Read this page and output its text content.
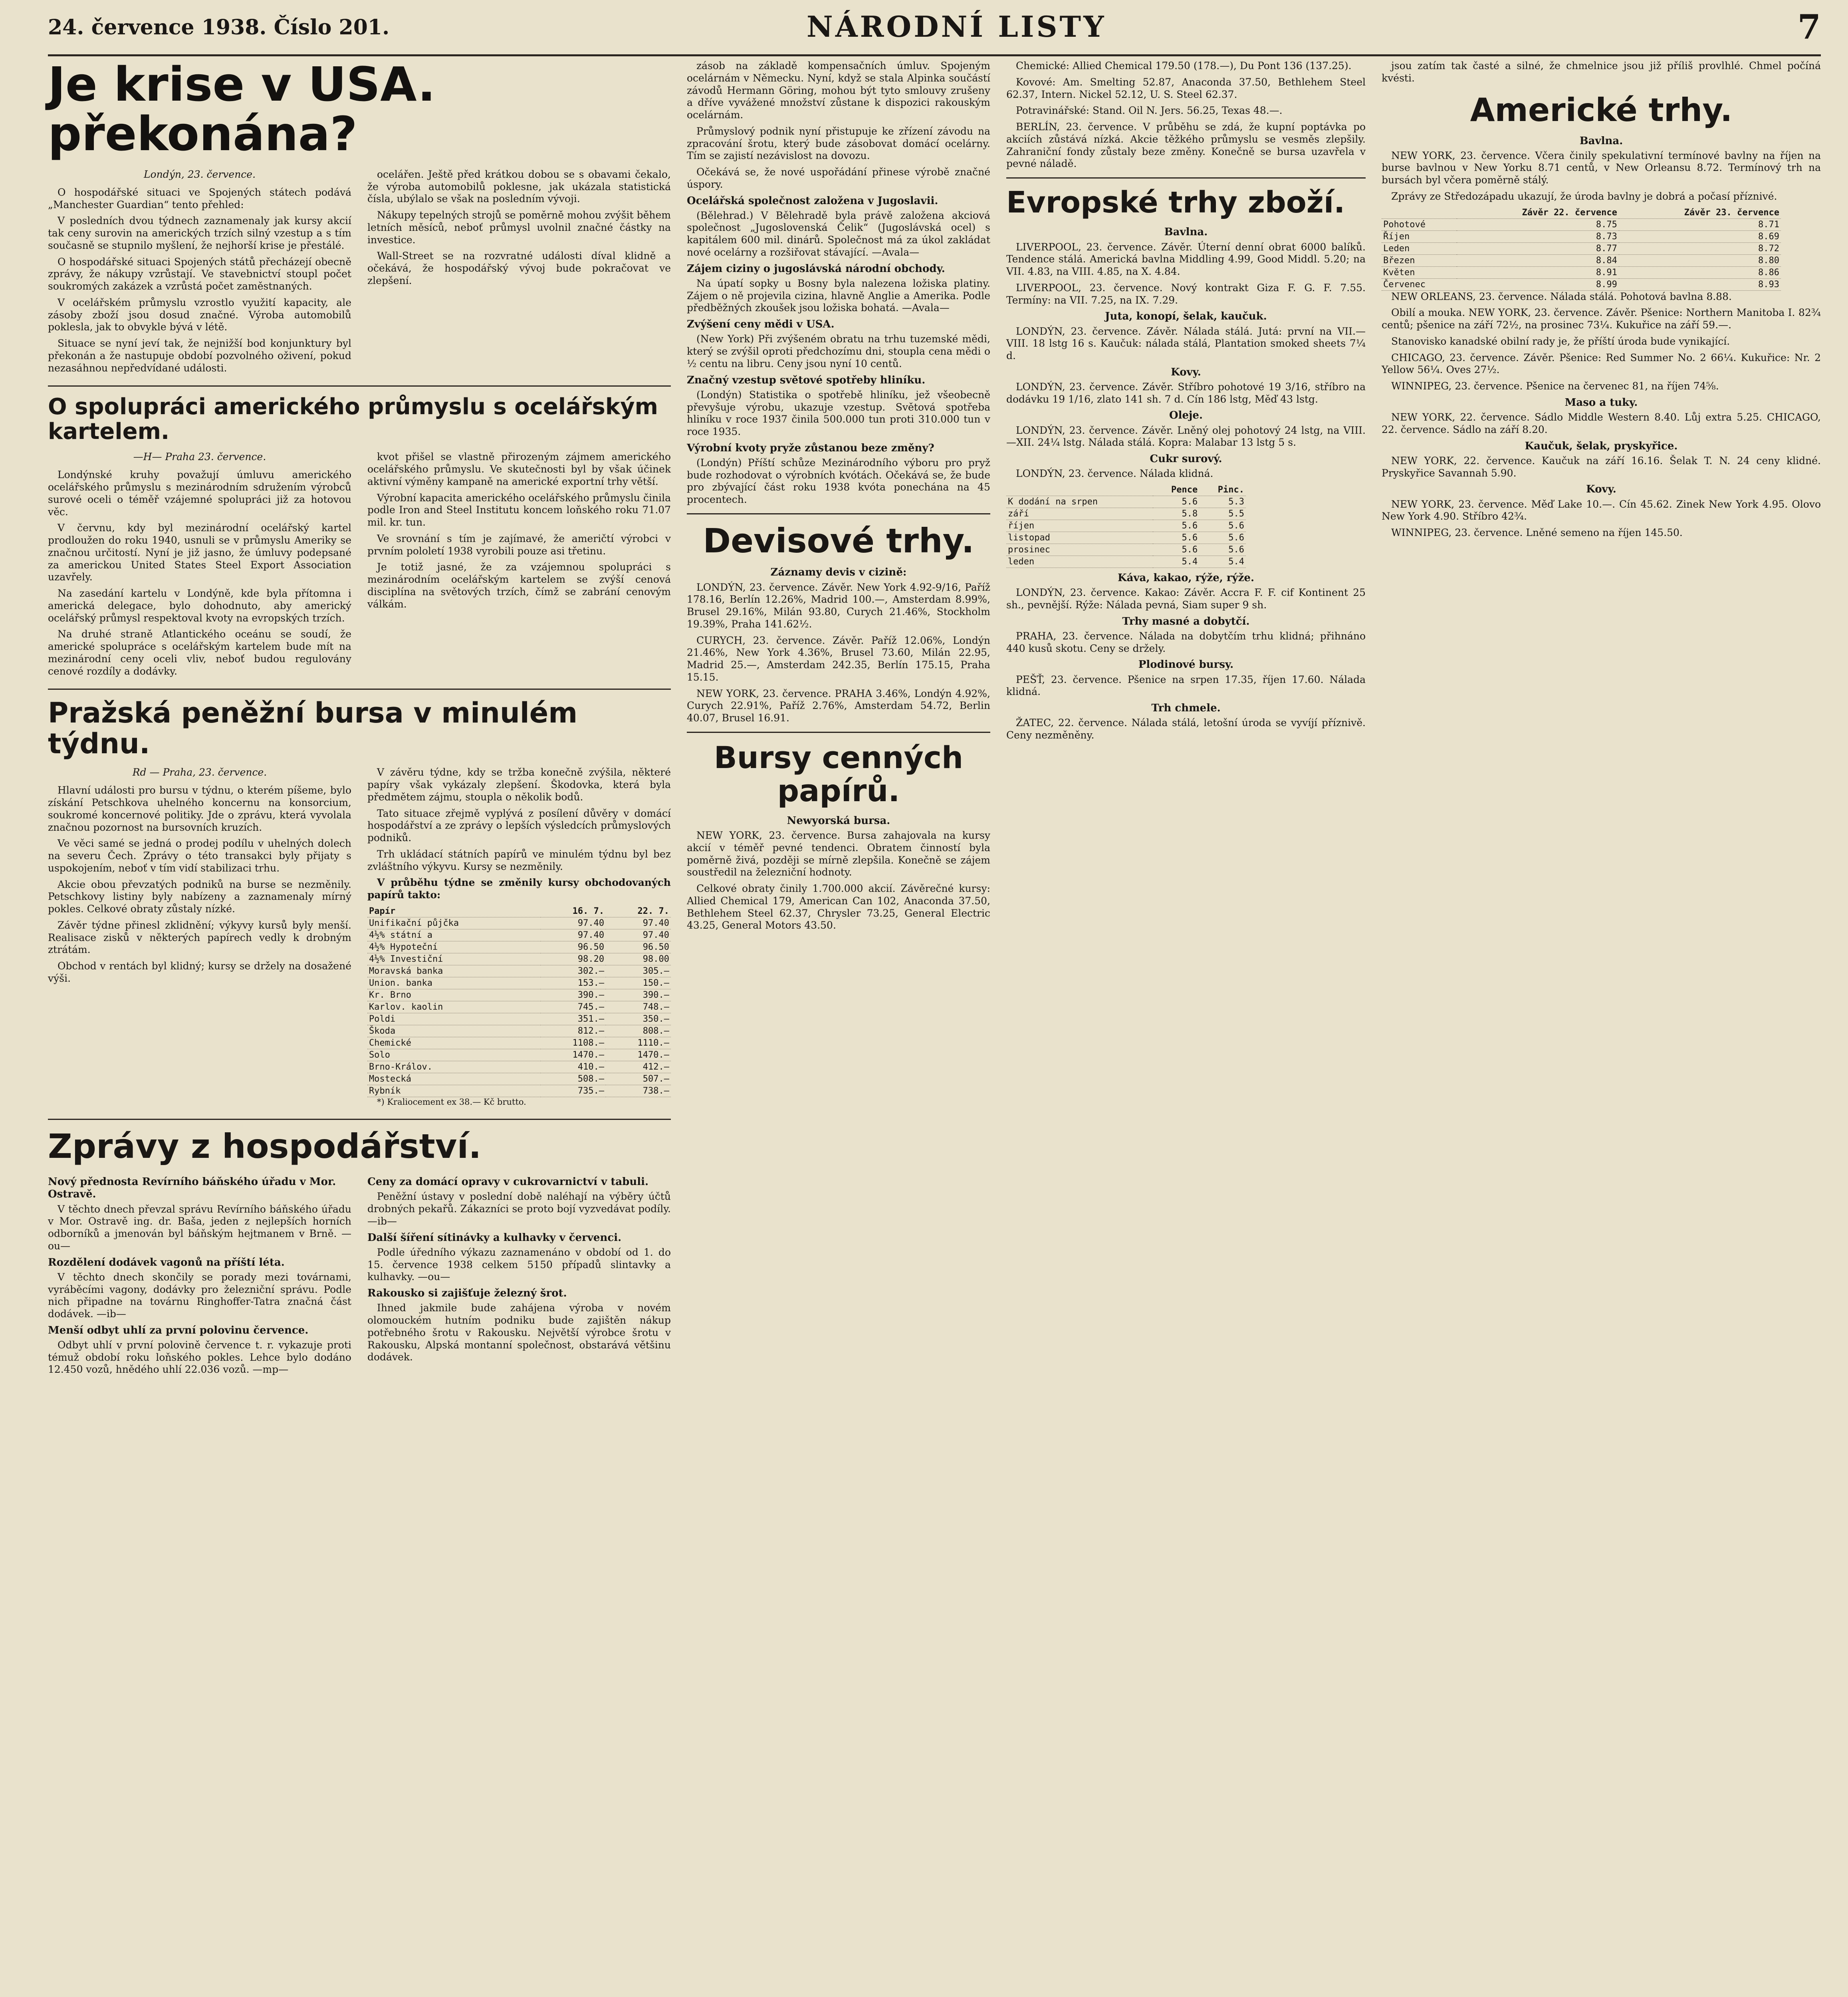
24. července 1938. Číslo 201.	NÁRODNÍ LISTY	7
Je krise v USA. překonána?
Londýn, 23. července.

O hospodářské situaci ve Spojených státech podává „Manchester Guardian“ tento přehled:

V posledních dvou týdnech zaznamenaly jak kursy akcií tak ceny surovin na amerických trzích silný vzestup a s tím současně se stupnilo myšlení, že nejhorší krise je přestálé.

O hospodářské situaci Spojených států přecházejí obecně zprávy, že nákupy vzrůstají. Ve stavebnictví stoupl počet soukromých zakázek a vzrůstá počet zaměstnaných.

V ocelářském průmyslu vzrostlo využití kapacity, ale zásoby zboží jsou dosud značné. Výroba automobilů poklesla, jak to obvykle bývá v létě.

Situace se nyní jeví tak, že nejnižší bod konjunktury byl překonán a že nastupuje období pozvolného oživení, pokud nezasáhnou nepředvídané události.

ocelářen. Ještě před krátkou dobou se s obavami čekalo, že výroba automobilů poklesne, jak ukázala statistická čísla, ubýlalo se však na posledním vývoji.

Nákupy tepelných strojů se poměrně mohou zvýšit během letních měsíců, neboť průmysl uvolnil značné částky na investice.

Wall-Street se na rozvratné události díval klidně a očekává, že hospodářský vývoj bude pokračovat ve zlepšení.

O spolupráci amerického průmyslu s ocelářským kartelem.
—H— Praha 23. července.

Londýnské kruhy považují úmluvu amerického ocelářského průmyslu s mezinárodním sdružením výrobců surové oceli o téměř vzájemné spolupráci již za hotovou věc.

V červnu, kdy byl mezinárodní ocelářský kartel prodloužen do roku 1940, usnuli se v průmyslu Ameriky se značnou určitostí. Nyní je již jasno, že úmluvy podepsané za americkou United States Steel Export Association uzavřely.

Na zasedání kartelu v Londýně, kde byla přítomna i americká delegace, bylo dohodnuto, aby americký ocelářský průmysl respektoval kvoty na evropských trzích.

Na druhé straně Atlantického oceánu se soudí, že americké spolupráce s ocelářským kartelem bude mít na mezinárodní ceny oceli vliv, neboť budou regulovány cenové rozdíly a dodávky.

kvot přišel se vlastně přirozeným zájmem amerického ocelářského průmyslu. Ve skutečnosti byl by však účinek aktivní výměny kampaně na americké exportní trhy větší.

Výrobní kapacita amerického ocelářského průmyslu činila podle Iron and Steel Institutu koncem loňského roku 71.07 mil. kr. tun.

Ve srovnání s tím je zajímavé, že američtí výrobci v prvním pololetí 1938 vyrobili pouze asi třetinu.

Je totiž jasné, že za vzájemnou spolupráci s mezinárodním ocelářským kartelem se zvýší cenová disciplína na světových trzích, čímž se zabrání cenovým válkám.

Pražská peněžní bursa v minulém týdnu.
Rd — Praha, 23. července.

Hlavní události pro bursu v týdnu, o kterém píšeme, bylo získání Petschkova uhelného koncernu na konsorcium, soukromé koncernové politiky. Jde o zprávu, která vyvolala značnou pozornost na bursovních kruzích.

Ve věci samé se jedná o prodej podílu v uhelných dolech na severu Čech. Zprávy o této transakci byly přijaty s uspokojením, neboť v tím vidí stabilizaci trhu.

Akcie obou převzatých podniků na burse se nezměnily. Petschkovy listiny byly nabízeny a zaznamenaly mírný pokles. Celkové obraty zůstaly nízké.

Závěr týdne přinesl zklidnění; výkyvy kursů byly menší. Realisace zisků v některých papírech vedly k drobným ztrátám.

Obchod v rentách byl klidný; kursy se držely na dosažené výši.

V závěru týdne, kdy se tržba konečně zvýšila, některé papíry však vykázaly zlepšení. Škodovka, která byla předmětem zájmu, stoupla o několik bodů.

Tato situace zřejmě vyplývá z posílení důvěry v domácí hospodářství a ze zprávy o lepších výsledcích průmyslových podniků.

Trh ukládací státních papírů ve minulém týdnu byl bez zvláštního výkyvu. Kursy se nezměnily.

V průběhu týdne se změnily kursy obchodovaných papírů takto:

Papír	16. 7.	22. 7.
Unifikační půjčka	97.40	97.40
4½% státní a	97.40	97.40
4½% Hypoteční	96.50	96.50
4½% Investiční	98.20	98.00
Moravská banka	302.—	305.—
Union. banka	153.—	150.—
Kr. Brno	390.—	390.—
Karlov. kaolin	745.—	748.—
Poldi	351.—	350.—
Škoda	812.—	808.—
Chemické	1108.—	1110.—
Solo	1470.—	1470.—
Brno-Králov.	410.—	412.—
Mostecká	508.—	507.—
Rybník	735.—	738.—

*) Kraliocement ex 38.— Kč brutto.

Zprávy z hospodářství.
Nový přednosta Revírního báňského úřadu v Mor. Ostravě.

V těchto dnech převzal správu Revírního báňského úřadu v Mor. Ostravě ing. dr. Baša, jeden z nejlepších horních odborníků a jmenován byl báňským hejtmanem v Brně. —ou—

Rozdělení dodávek vagonů na příští léta.

V těchto dnech skončily se porady mezi továrnami, vyráběcími vagony, dodávky pro železniční správu. Podle nich připadne na továrnu Ringhoffer-Tatra značná část dodávek. —ib—

Menší odbyt uhlí za první polovinu července.

Odbyt uhlí v první polovině července t. r. vykazuje proti témuž období roku loňského pokles. Lehce bylo dodáno 12.450 vozů, hnědého uhlí 22.036 vozů. —mp—

Ceny za domácí opravy v cukrovarnictví v tabuli.

Peněžní ústavy v poslední době naléhají na výběry účtů drobných pekařů. Zákazníci se proto bojí vyzvedávat podíly. —ib—

Další šíření sítinávky a kulhavky v červenci.

Podle úředního výkazu zaznamenáno v období od 1. do 15. července 1938 celkem 5150 případů slintavky a kulhavky. —ou—

Rakousko si zajišťuje železný šrot.

Ihned jakmile bude zahájena výroba v novém olomouckém hutním podniku bude zajištěn nákup potřebného šrotu v Rakousku. Největší výrobce šrotu v Rakousku, Alpská montanní společnost, obstarává většinu dodávek.

zásob na základě kompensačních úmluv. Spojeným ocelárnám v Německu. Nyní, když se stala Alpinka součástí závodů Hermann Göring, mohou být tyto smlouvy zrušeny a dříve vyvážené množství zůstane k dispozici rakouským ocelárnám.

Průmyslový podnik nyní přistupuje ke zřízení závodu na zpracování šrotu, který bude zásobovat domácí ocelárny. Tím se zajistí nezávislost na dovozu.

Očekává se, že nové uspořádání přinese výrobě značné úspory.

Ocelářská společnost založena v Jugoslavii.

(Bělehrad.) V Bělehradě byla právě založena akciová společnost „Jugoslovenská Čelik“ (Jugoslávská ocel) s kapitálem 600 mil. dinárů. Společnost má za úkol zakládat nové ocelárny a rozšiřovat stávající. —Avala—

Zájem ciziny o jugoslávská národní obchody.

Na úpatí sopky u Bosny byla nalezena ložiska platiny. Zájem o ně projevila cizina, hlavně Anglie a Amerika. Podle předběžných zkoušek jsou ložiska bohatá. —Avala—

Zvýšení ceny mědi v USA.

(New York) Při zvýšeném obratu na trhu tuzemské mědi, který se zvýšil oproti předchozímu dni, stoupla cena mědi o ½ centu na libru. Ceny jsou nyní 10 centů.

Značný vzestup světové spotřeby hliníku.

(Londýn) Statistika o spotřebě hliníku, jež všeobecně převyšuje výrobu, ukazuje vzestup. Světová spotřeba hliníku v roce 1937 činila 500.000 tun proti 310.000 tun v roce 1935.

Výrobní kvoty pryže zůstanou beze změny?

(Londýn) Příští schůze Mezinárodního výboru pro pryž bude rozhodovat o výrobních kvótách. Očekává se, že bude pro zbývající část roku 1938 kvóta ponechána na 45 procentech.

Devisové trhy.
Záznamy devis v cizině:

LONDÝN, 23. července. Závěr. New York 4.92‑9/16, Paříž 178.16, Berlín 12.26%, Madrid 100.—, Amsterdam 8.99%, Brusel 29.16%, Milán 93.80, Curych 21.46%, Stockholm 19.39%, Praha 141.62½.

CURYCH, 23. července. Závěr. Paříž 12.06%, Londýn 21.46%, New York 4.36%, Brusel 73.60, Milán 22.95, Madrid 25.—, Amsterdam 242.35, Berlín 175.15, Praha 15.15.

NEW YORK, 23. července. PRAHA 3.46%, Londýn 4.92%, Curych 22.91%, Paříž 2.76%, Amsterdam 54.72, Berlin 40.07, Brusel 16.91.

Bursy cenných papírů.
Newyorská bursa.

NEW YORK, 23. července. Bursa zahajovala na kursy akcií v téměř pevné tendenci. Obratem činností byla poměrně živá, později se mírně zlepšila. Konečně se zájem soustředil na železniční hodnoty.

Celkové obraty činily 1.700.000 akcií. Závěrečné kursy: Allied Chemical 179, American Can 102, Anaconda 37.50, Bethlehem Steel 62.37, Chrysler 73.25, General Electric 43.25, General Motors 43.50.

Chemické: Allied Chemical 179.50 (178.—), Du Pont 136 (137.25).

Kovové: Am. Smelting 52.87, Anaconda 37.50, Bethlehem Steel 62.37, Intern. Nickel 52.12, U. S. Steel 62.37.

Potravinářské: Stand. Oil N. Jers. 56.25, Texas 48.—.

BERLÍN, 23. července. V průběhu se zdá, že kupní poptávka po akciích zůstává nízká. Akcie těžkého průmyslu se vesměs zlepšily. Zahraniční fondy zůstaly beze změny. Konečně se bursa uzavřela v pevné náladě.

Evropské trhy zboží.
Bavlna.

LIVERPOOL, 23. července. Závěr. Úterní denní obrat 6000 balíků. Tendence stálá. Americká bavlna Middling 4.99, Good Middl. 5.20; na VII. 4.83, na VIII. 4.85, na X. 4.84.

LIVERPOOL, 23. července. Nový kontrakt Giza F. G. F. 7.55. Termíny: na VII. 7.25, na IX. 7.29.

Juta, konopí, šelak, kaučuk.

LONDÝN, 23. července. Závěr. Nálada stálá. Jutá: první na VII.—VIII. 18 lstg 16 s. Kaučuk: nálada stálá, Plantation smoked sheets 7¼ d.

Kovy.

LONDÝN, 23. července. Závěr. Stříbro pohotové 19 3/16, stříbro na dodávku 19 1/16, zlato 141 sh. 7 d. Cín 186 lstg, Měď 43 lstg.

Oleje.

LONDÝN, 23. července. Závěr. Lněný olej pohotový 24 lstg, na VIII.—XII. 24¼ lstg. Nálada stálá. Kopra: Malabar 13 lstg 5 s.

Cukr surový.

LONDÝN, 23. července. Nálada klidná.

	Pence	Pinc.
K dodání na srpen	5.6	5.3
září	5.8	5.5
říjen	5.6	5.6
listopad	5.6	5.6
prosinec	5.6	5.6
leden	5.4	5.4
Káva, kakao, rýže, rýže.

LONDÝN, 23. července. Kakao: Závěr. Accra F. F. cif Kontinent 25 sh., pevnější. Rýže: Nálada pevná, Siam super 9 sh.

Trhy masné a dobytčí.

PRAHA, 23. července. Nálada na dobytčím trhu klidná; přihnáno 440 kusů skotu. Ceny se držely.

Plodinové bursy.

PEŠŤ, 23. července. Pšenice na srpen 17.35, říjen 17.60. Nálada klidná.

Trh chmele.

ŽATEC, 22. července. Nálada stálá, letošní úroda se vyvíjí příznivě. Ceny nezměněny.

jsou zatím tak časté a silné, že chmelnice jsou již příliš provlhlé. Chmel počíná kvésti.

Americké trhy.
Bavlna.

NEW YORK, 23. července. Včera činily spekulativní termínové bavlny na říjen na burse bavlnou v New Yorku 8.71 centů, v New Orleansu 8.72. Termínový trh na bursách byl včera poměrně stálý.

Zprávy ze Středozápadu ukazují, že úroda bavlny je dobrá a počasí příznivé.

	Závěr 22. července	Závěr 23. července
Pohotové	8.75	8.71
Říjen	8.73	8.69
Leden	8.77	8.72
Březen	8.84	8.80
Květen	8.91	8.86
Červenec	8.99	8.93

NEW ORLEANS, 23. července. Nálada stálá. Pohotová bavlna 8.88.

Obilí a mouka. NEW YORK, 23. července. Závěr. Pšenice: Northern Manitoba I. 82¾ centů; pšenice na září 72½, na prosinec 73¼. Kukuřice na září 59.—.

Stanovisko kanadské obilní rady je, že příští úroda bude vynikající.

CHICAGO, 23. července. Závěr. Pšenice: Red Summer No. 2 66¼. Kukuřice: Nr. 2 Yellow 56¼. Oves 27½.

WINNIPEG, 23. července. Pšenice na červenec 81, na říjen 74⅝.

Maso a tuky.

NEW YORK, 22. července. Sádlo Middle Western 8.40. Lůj extra 5.25. CHICAGO, 22. července. Sádlo na září 8.20.

Kaučuk, šelak, pryskyřice.

NEW YORK, 22. července. Kaučuk na září 16.16. Šelak T. N. 24 ceny klidné. Pryskyřice Savannah 5.90.

Kovy.

NEW YORK, 23. července. Měď Lake 10.—. Cín 45.62. Zinek New York 4.95. Olovo New York 4.90. Stříbro 42¾.

WINNIPEG, 23. července. Lněné semeno na říjen 145.50.
